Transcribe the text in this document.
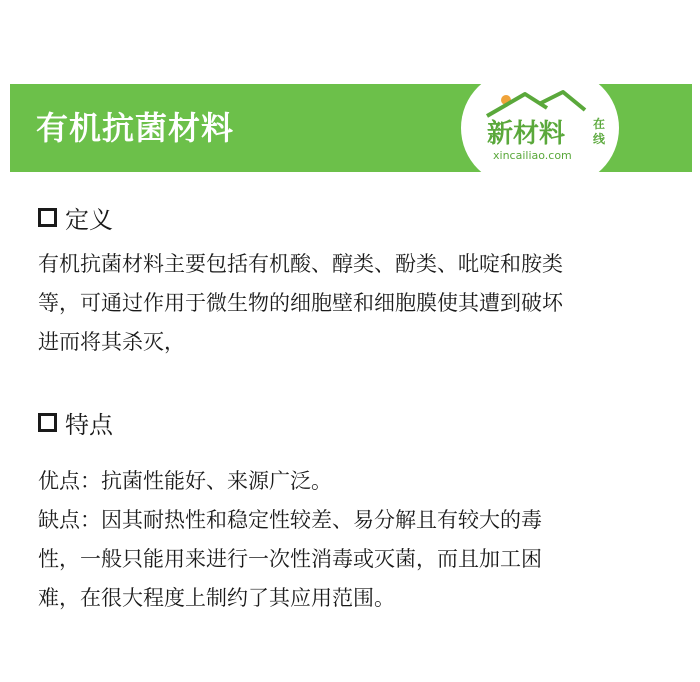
有机抗菌材料	新材料 在
线
xincailiao.com
定义
有机抗菌材料主要包括有机酸、醇类、酚类、吡啶和胺类
等，可通过作用于微生物的细胞壁和细胞膜使其遭到破坏
进而将其杀灭，
特点
优点：抗菌性能好、来源广泛。
缺点：因其耐热性和稳定性较差、易分解且有较大的毒
性，一般只能用来进行一次性消毒或灭菌，而且加工困
难，在很大程度上制约了其应用范围。
